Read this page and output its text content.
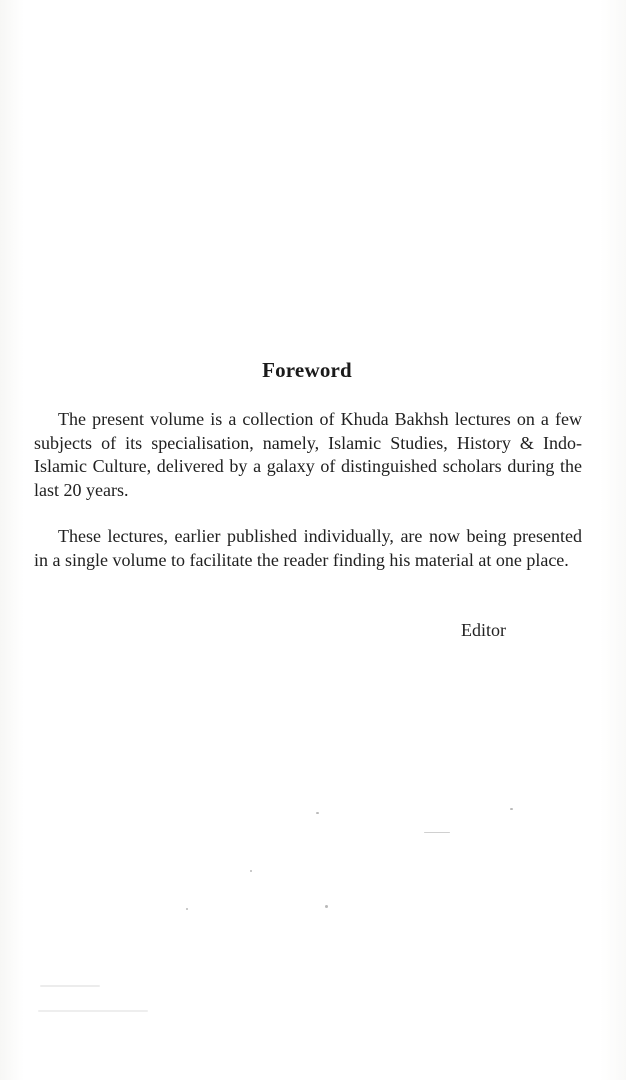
Foreword

The present volume is a collection of Khuda Bakhsh lectures on a few subjects of its specialisation, namely, Islamic Studies, History & Indo-Islamic Culture, delivered by a galaxy of distinguished scholars during the last 20 years.

These lectures, earlier published individually, are now being presented in a single volume to facilitate the reader finding his material at one place.

Editor
